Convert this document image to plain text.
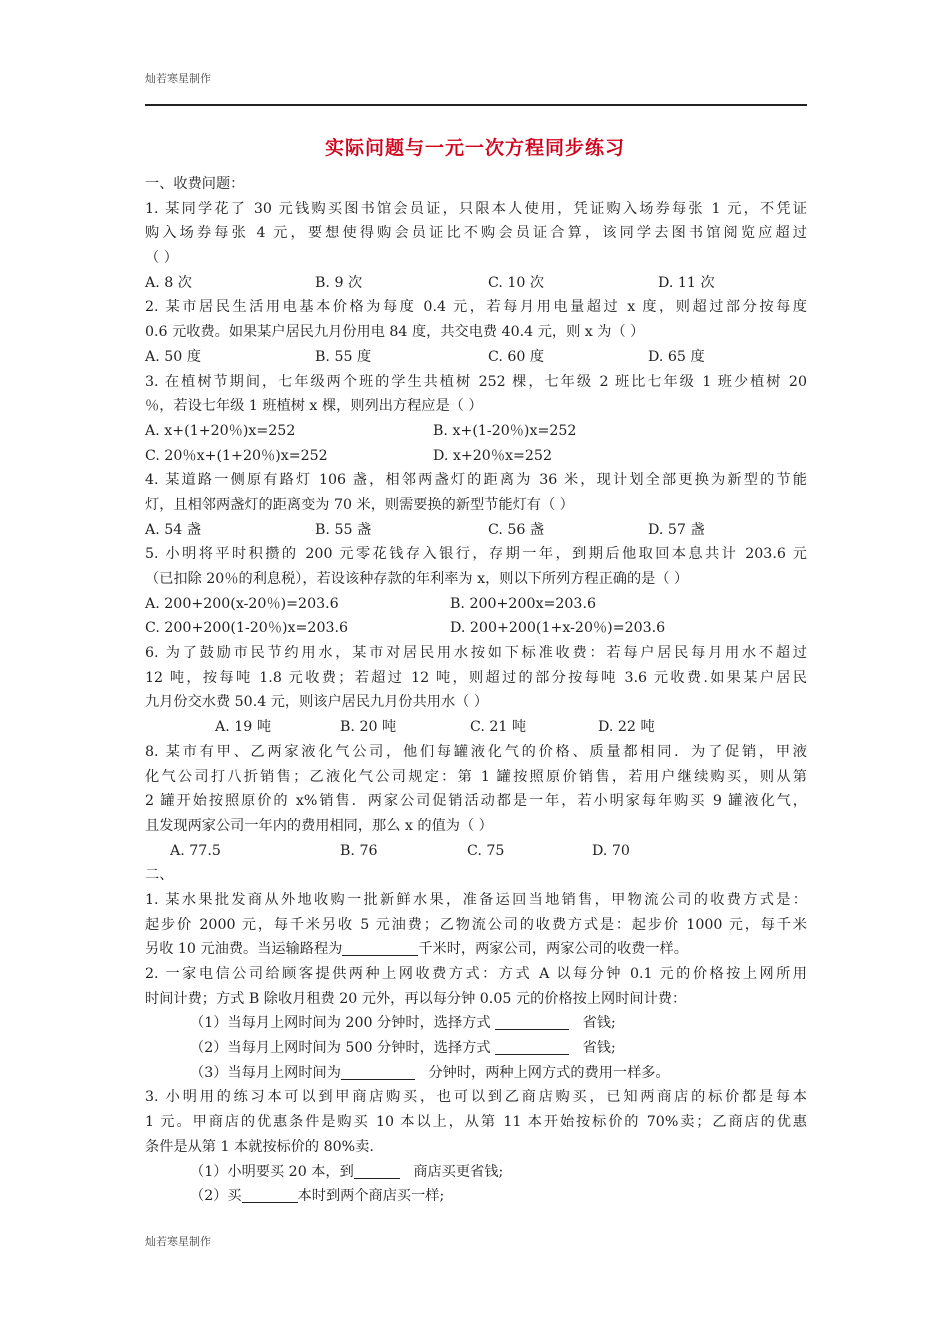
灿若寒星制作
实际问题与一元一次方程同步练习
一、收费问题：
1. 某同学花了 30 元钱购买图书馆会员证，只限本人使用，凭证购入场券每张 1 元，不凭证
购入场券每张 4 元，要想使得购会员证比不购会员证合算，该同学去图书馆阅览应超过
（ ）
A. 8 次	B. 9 次	C. 10 次	D. 11 次
2. 某市居民生活用电基本价格为每度 0.4 元，若每月用电量超过 x 度，则超过部分按每度
0.6 元收费。如果某户居民九月份用电 84 度，共交电费 40.4 元，则 x 为（ ）
A. 50 度	B. 55 度	C. 60 度	D. 65 度
3. 在植树节期间，七年级两个班的学生共植树 252 棵，七年级 2 班比七年级 1 班少植树 20
％，若设七年级 1 班植树 x 棵，则列出方程应是（ ）
A. x+(1+20％)x=252	B. x+(1-20％)x=252
C. 20％x+(1+20％)x=252	D. x+20％x=252
4. 某道路一侧原有路灯 106 盏，相邻两盏灯的距离为 36 米，现计划全部更换为新型的节能
灯，且相邻两盏灯的距离变为 70 米，则需要换的新型节能灯有（ ）
A. 54 盏	B. 55 盏	C. 56 盏	D. 57 盏
5. 小明将平时积攒的 200 元零花钱存入银行，存期一年，到期后他取回本息共计 203.6 元
（已扣除 20％的利息税），若设该种存款的年利率为 x，则以下所列方程正确的是（ ）
A. 200+200(x-20％)=203.6	B. 200+200x=203.6
C. 200+200(1-20％)x=203.6	D. 200+200(1+x-20％)=203.6
6. 为了鼓励市民节约用水，某市对居民用水按如下标准收费：若每户居民每月用水不超过
12 吨，按每吨 1.8 元收费；若超过 12 吨，则超过的部分按每吨 3.6 元收费.如果某户居民
九月份交水费 50.4 元，则该户居民九月份共用水（ ）
A. 19 吨	B. 20 吨	C. 21 吨	D. 22 吨
8. 某市有甲、乙两家液化气公司，他们每罐液化气的价格、质量都相同．为了促销，甲液
化气公司打八折销售；乙液化气公司规定：第 1 罐按照原价销售，若用户继续购买，则从第
2 罐开始按照原价的 x%销售．两家公司促销活动都是一年，若小明家每年购买 9 罐液化气，
且发现两家公司一年内的费用相同，那么 x 的值为（ ）
A. 77.5	B. 76	C. 75	D. 70
二、
1. 某水果批发商从外地收购一批新鲜水果，准备运回当地销售，甲物流公司的收费方式是：
起步价 2000 元，每千米另收 5 元油费；乙物流公司的收费方式是：起步价 1000 元，每千米
另收 10 元油费。当运输路程为	千米时，两家公司，两家公司的收费一样。
2. 一家电信公司给顾客提供两种上网收费方式：方式 A 以每分钟 0.1 元的价格按上网所用
时间计费；方式 B 除收月租费 20 元外，再以每分钟 0.05 元的价格按上网时间计费：
（1）当每月上网时间为 200 分钟时，选择方式	省钱;
（2）当每月上网时间为 500 分钟时，选择方式	省钱;
（3）当每月上网时间为	分钟时，两种上网方式的费用一样多。
3. 小明用的练习本可以到甲商店购买，也可以到乙商店购买，已知两商店的标价都是每本
1 元。甲商店的优惠条件是购买 10 本以上，从第 11 本开始按标价的 70%卖；乙商店的优惠
条件是从第 1 本就按标价的 80%卖.
（1）小明要买 20 本，到	商店买更省钱;
（2）买	本时到两个商店买一样;
灿若寒星制作
